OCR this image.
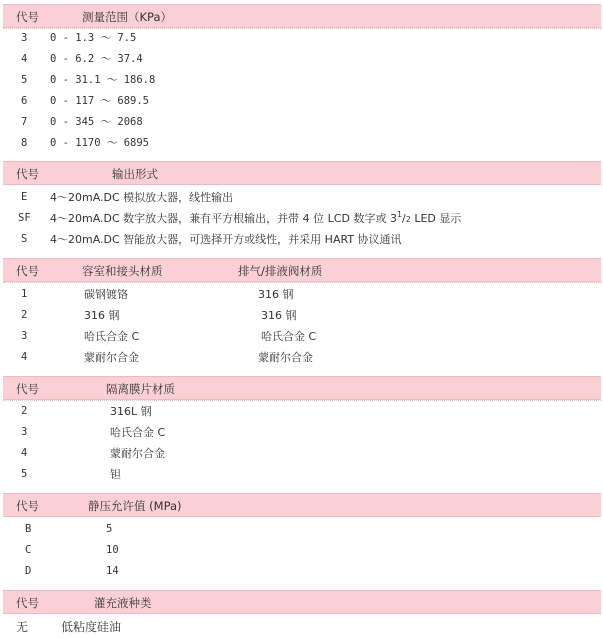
代号	测量范围（KPa）
3 0 - 1.3 ～ 7.5
4 0 - 6.2 ～ 37.4
5 0 - 31.1 ～ 186.8
6 0 - 117 ～ 689.5
7 0 - 345 ～ 2068
8 0 - 1170 ～ 6895
代号	输出形式
E 4～20mA.DC 模拟放大器，线性输出
SF 4～20mA.DC 数字放大器，兼有平方根输出，并带 4 位 LCD 数字或 $3^1/2$ LED 显示
S 4～20mA.DC 智能放大器，可选择开方或线性，并采用 HART 协议通讯
代号	容室和接头材质	排气/排液阀材质
1	碳钢镀铬	316 钢
2	316 钢	316 钢
3	哈氏合金 C	哈氏合金 C
4	蒙耐尔合金	蒙耐尔合金
代号	隔离膜片材质
2	316L 钢
3	哈氏合金 C
4	蒙耐尔合金
5	钽
代号	静压允许值 (MPa)
B	5
C	10
D	14
代号	灌充液种类
无	低粘度硅油
